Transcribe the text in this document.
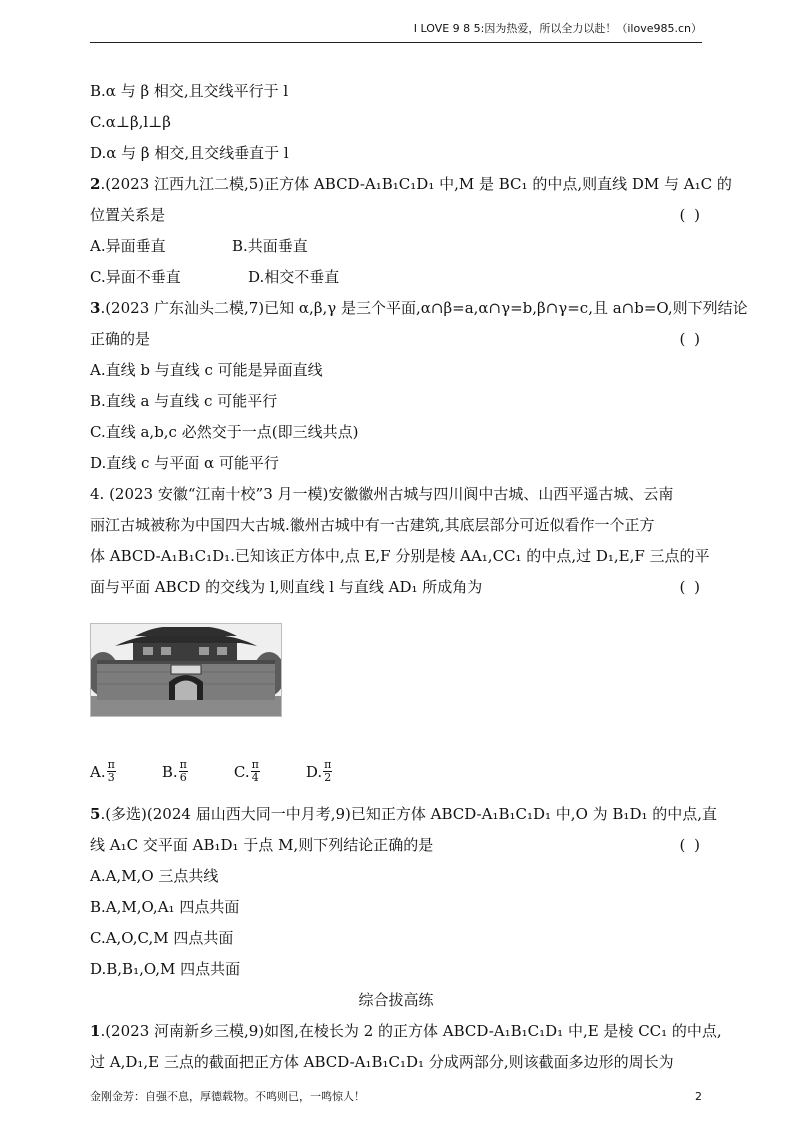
I LOVE 9 8 5:因为热爱，所以全力以赴！（ilove985.cn）
B.α 与 β 相交,且交线平行于 l
C.α⊥β,l⊥β
D.α 与 β 相交,且交线垂直于 l
2.(2023 江西九江二模,5)正方体 ABCD-A₁B₁C₁D₁ 中,M 是 BC₁ 的中点,则直线 DM 与 A₁C 的
位置关系是	( )
A.异面垂直	B.共面垂直
C.异面不垂直	D.相交不垂直
3.(2023 广东汕头二模,7)已知 α,β,γ 是三个平面,α∩β=a,α∩γ=b,β∩γ=c,且 a∩b=O,则下列结论
正确的是	( )
A.直线 b 与直线 c 可能是异面直线
B.直线 a 与直线 c 可能平行
C.直线 a,b,c 必然交于一点(即三线共点)
D.直线 c 与平面 α 可能平行
4. (2023 安徽“江南十校”3 月一模)安徽徽州古城与四川阆中古城、山西平遥古城、云南
丽江古城被称为中国四大古城.徽州古城中有一古建筑,其底层部分可近似看作一个正方
体 ABCD-A₁B₁C₁D₁.已知该正方体中,点 E,F 分别是棱 AA₁,CC₁ 的中点,过 D₁,E,F 三点的平
面与平面 ABCD 的交线为 l,则直线 l 与直线 AD₁ 所成角为	( )
A. $\frac{\pi}{3}$	B. $\frac{\pi}{6}$	C. $\frac{\pi}{4}$	D. $\frac{\pi}{2}$
5.(多选)(2024 届山西大同一中月考,9)已知正方体 ABCD-A₁B₁C₁D₁ 中,O 为 B₁D₁ 的中点,直
线 A₁C 交平面 AB₁D₁ 于点 M,则下列结论正确的是	( )
A.A,M,O 三点共线
B.A,M,O,A₁ 四点共面
C.A,O,C,M 四点共面
D.B,B₁,O,M 四点共面
综合拔高练
1.(2023 河南新乡三模,9)如图,在棱长为 2 的正方体 ABCD-A₁B₁C₁D₁ 中,E 是棱 CC₁ 的中点,
过 A,D₁,E 三点的截面把正方体 ABCD-A₁B₁C₁D₁ 分成两部分,则该截面多边形的周长为
金刚金芳：自强不息，厚德载物。不鸣则已，一鸣惊人！	2
